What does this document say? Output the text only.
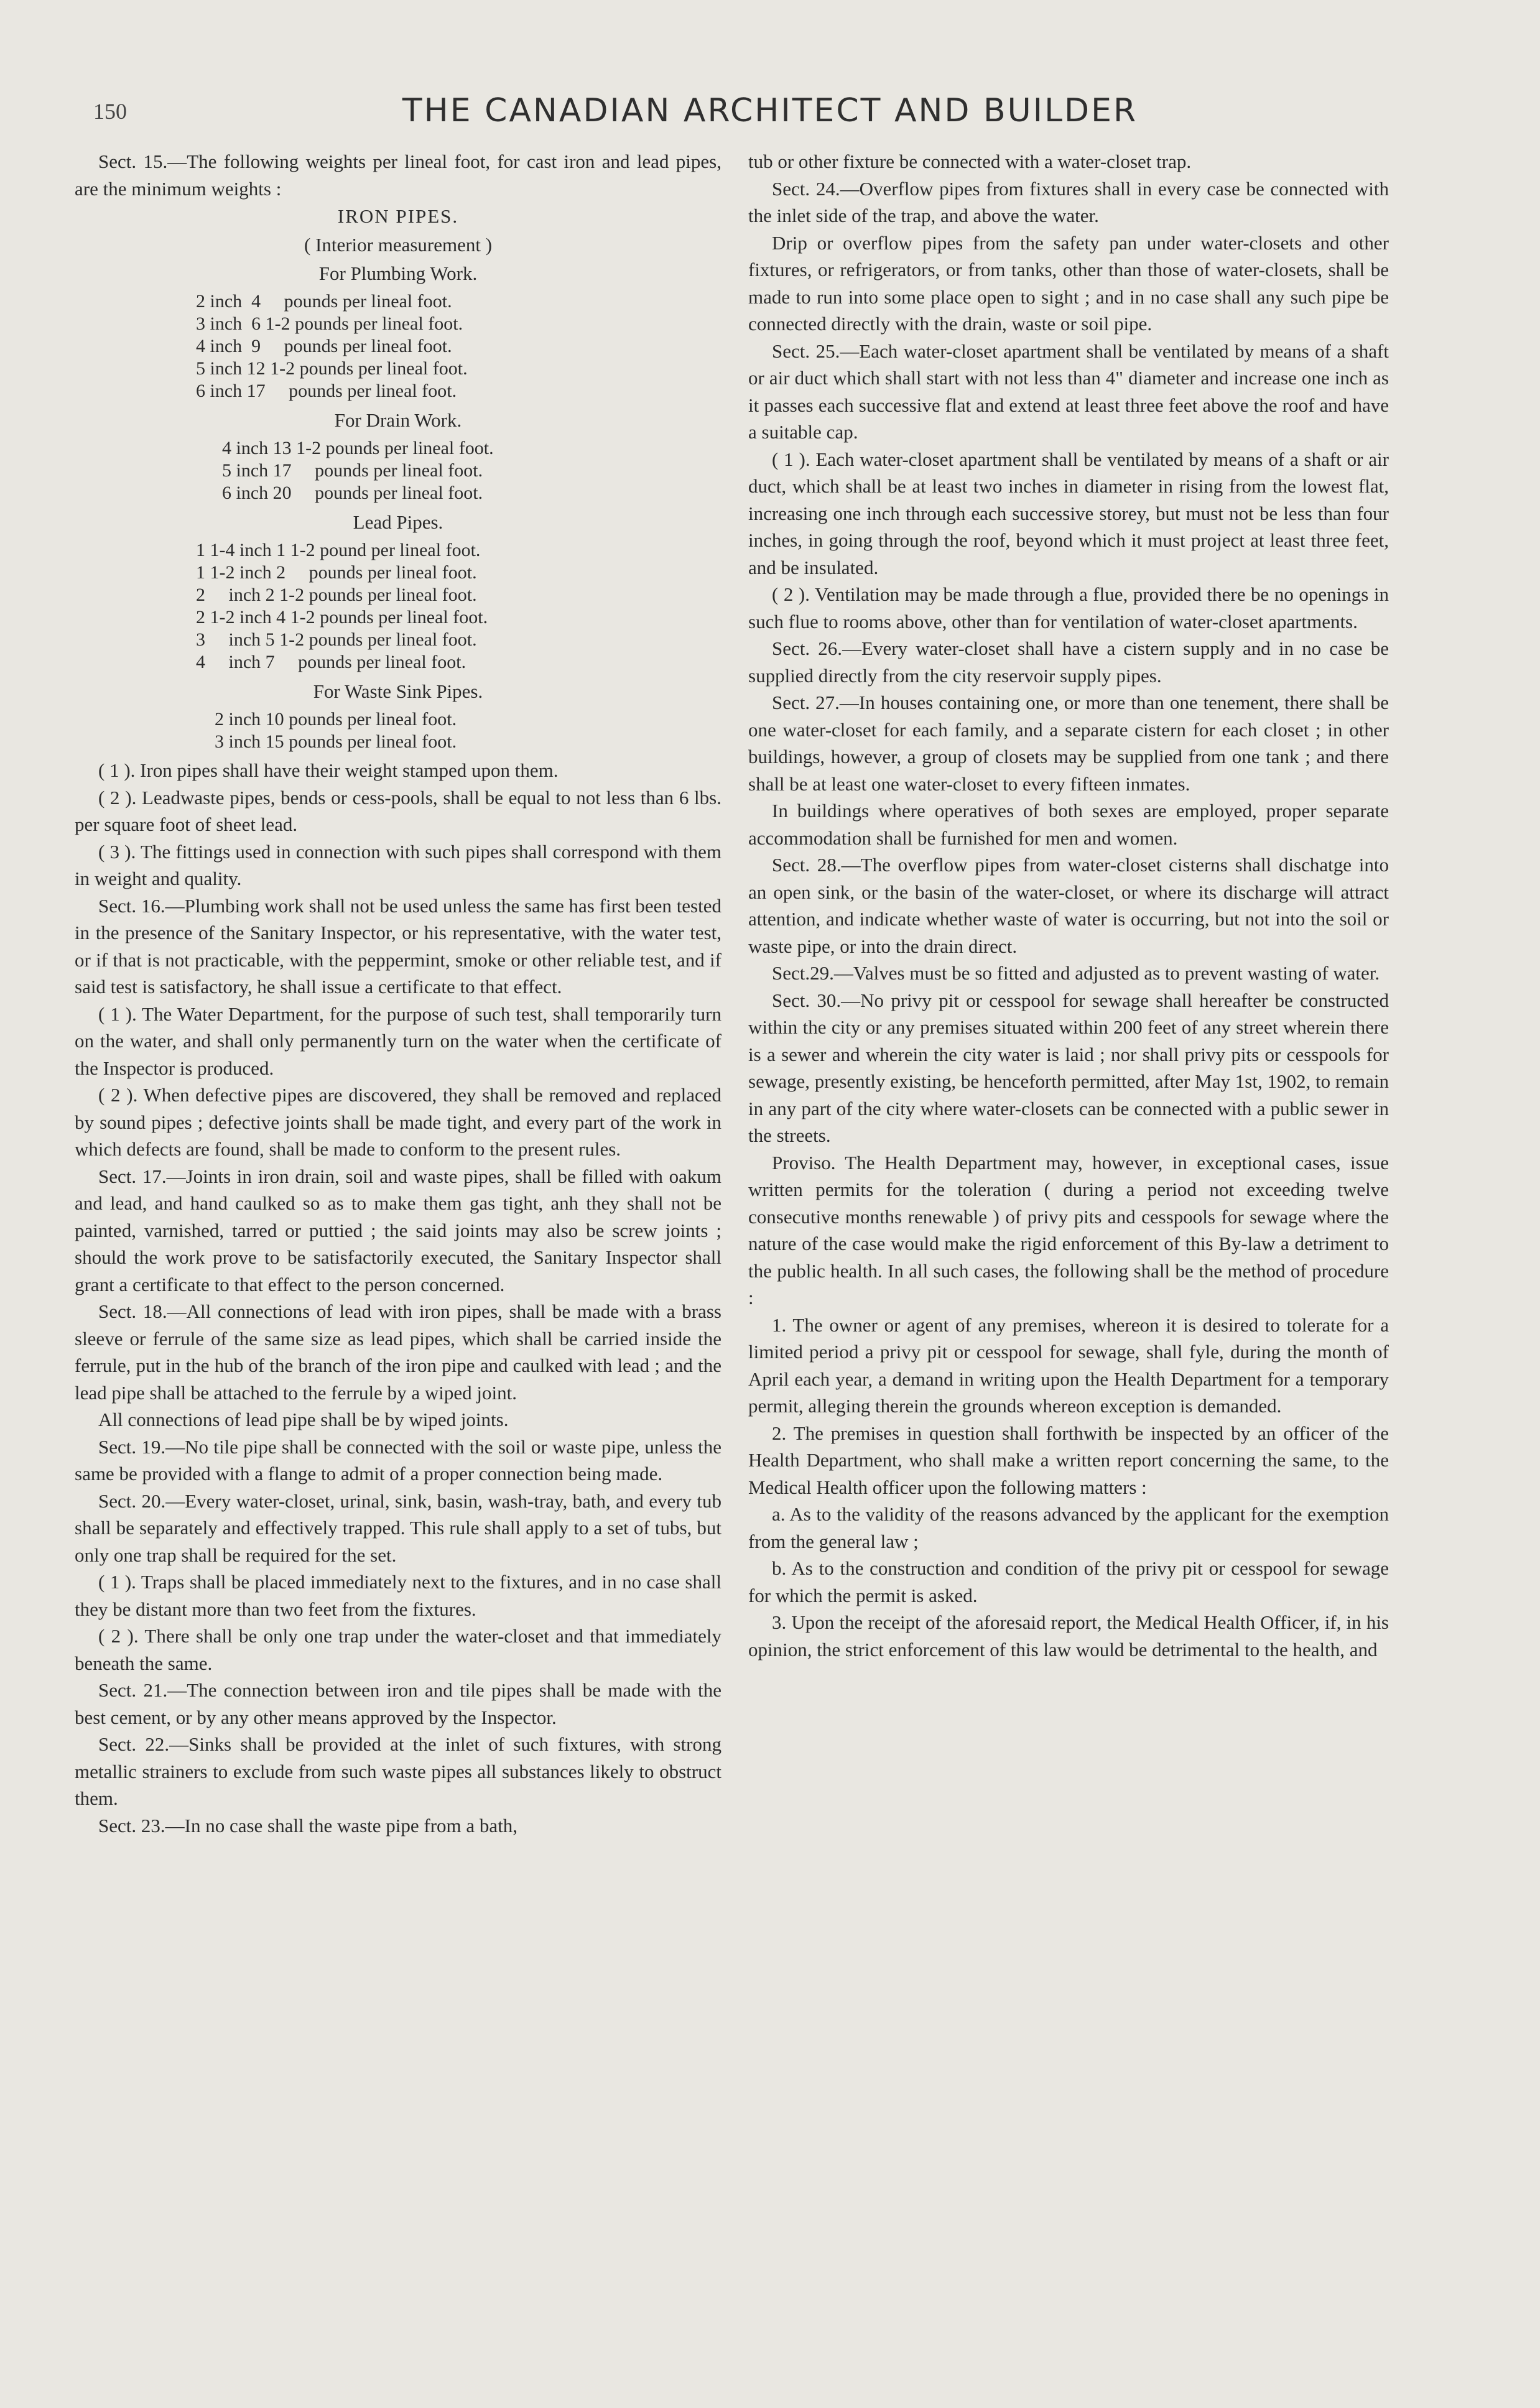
150	THE CANADIAN ARCHITECT AND BUILDER

Sect. 15.—The following weights per lineal foot, for cast iron and lead pipes, are the minimum weights :

IRON PIPES.
( Interior measurement )
For Plumbing Work.
2 inch  4     pounds per lineal foot.
3 inch  6 1-2 pounds per lineal foot.
4 inch  9     pounds per lineal foot.
5 inch 12 1-2 pounds per lineal foot.
6 inch 17     pounds per lineal foot.
For Drain Work.
4 inch 13 1-2 pounds per lineal foot.
5 inch 17     pounds per lineal foot.
6 inch 20     pounds per lineal foot.
Lead Pipes.
1 1-4 inch 1 1-2 pound per lineal foot.
1 1-2 inch 2     pounds per lineal foot.
2     inch 2 1-2 pounds per lineal foot.
2 1-2 inch 4 1-2 pounds per lineal foot.
3     inch 5 1-2 pounds per lineal foot.
4     inch 7     pounds per lineal foot.
For Waste Sink Pipes.
2 inch 10 pounds per lineal foot.
3 inch 15 pounds per lineal foot.

( 1 ). Iron pipes shall have their weight stamped upon them.

( 2 ). Leadwaste pipes, bends or cess-pools, shall be equal to not less than 6 lbs. per square foot of sheet lead.

( 3 ). The fittings used in connection with such pipes shall correspond with them in weight and quality.

Sect. 16.—Plumbing work shall not be used unless the same has first been tested in the presence of the Sanitary Inspector, or his representative, with the water test, or if that is not practicable, with the peppermint, smoke or other reliable test, and if said test is satisfactory, he shall issue a certificate to that effect.

( 1 ). The Water Department, for the purpose of such test, shall temporarily turn on the water, and shall only permanently turn on the water when the certificate of the Inspector is produced.

( 2 ). When defective pipes are discovered, they shall be removed and replaced by sound pipes ; defective joints shall be made tight, and every part of the work in which defects are found, shall be made to conform to the present rules.

Sect. 17.—Joints in iron drain, soil and waste pipes, shall be filled with oakum and lead, and hand caulked so as to make them gas tight, anh they shall not be painted, varnished, tarred or puttied ; the said joints may also be screw joints ; should the work prove to be satisfactorily executed, the Sanitary Inspector shall grant a certificate to that effect to the person concerned.

Sect. 18.—All connections of lead with iron pipes, shall be made with a brass sleeve or ferrule of the same size as lead pipes, which shall be carried inside the ferrule, put in the hub of the branch of the iron pipe and caulked with lead ; and the lead pipe shall be attached to the ferrule by a wiped joint.

All connections of lead pipe shall be by wiped joints.

Sect. 19.—No tile pipe shall be connected with the soil or waste pipe, unless the same be provided with a flange to admit of a proper connection being made.

Sect. 20.—Every water-closet, urinal, sink, basin, wash-tray, bath, and every tub shall be separately and effectively trapped. This rule shall apply to a set of tubs, but only one trap shall be required for the set.

( 1 ). Traps shall be placed immediately next to the fixtures, and in no case shall they be distant more than two feet from the fixtures.

( 2 ). There shall be only one trap under the water-closet and that immediately beneath the same.

Sect. 21.—The connection between iron and tile pipes shall be made with the best cement, or by any other means approved by the Inspector.

Sect. 22.—Sinks shall be provided at the inlet of such fixtures, with strong metallic strainers to exclude from such waste pipes all substances likely to obstruct them.

Sect. 23.—In no case shall the waste pipe from a bath,

tub or other fixture be connected with a water-closet trap.

Sect. 24.—Overflow pipes from fixtures shall in every case be connected with the inlet side of the trap, and above the water.

Drip or overflow pipes from the safety pan under water-closets and other fixtures, or refrigerators, or from tanks, other than those of water-closets, shall be made to run into some place open to sight ; and in no case shall any such pipe be connected directly with the drain, waste or soil pipe.

Sect. 25.—Each water-closet apartment shall be ventilated by means of a shaft or air duct which shall start with not less than 4" diameter and increase one inch as it passes each successive flat and extend at least three feet above the roof and have a suitable cap.

( 1 ). Each water-closet apartment shall be ventilated by means of a shaft or air duct, which shall be at least two inches in diameter in rising from the lowest flat, increasing one inch through each successive storey, but must not be less than four inches, in going through the roof, beyond which it must project at least three feet, and be insulated.

( 2 ). Ventilation may be made through a flue, provided there be no openings in such flue to rooms above, other than for ventilation of water-closet apartments.

Sect. 26.—Every water-closet shall have a cistern supply and in no case be supplied directly from the city reservoir supply pipes.

Sect. 27.—In houses containing one, or more than one tenement, there shall be one water-closet for each family, and a separate cistern for each closet ; in other buildings, however, a group of closets may be supplied from one tank ; and there shall be at least one water-closet to every fifteen inmates.

In buildings where operatives of both sexes are employed, proper separate accommodation shall be furnished for men and women.

Sect. 28.—The overflow pipes from water-closet cisterns shall dischatge into an open sink, or the basin of the water-closet, or where its discharge will attract attention, and indicate whether waste of water is occurring, but not into the soil or waste pipe, or into the drain direct.

Sect.29.—Valves must be so fitted and adjusted as to prevent wasting of water.

Sect. 30.—No privy pit or cesspool for sewage shall hereafter be constructed within the city or any premises situated within 200 feet of any street wherein there is a sewer and wherein the city water is laid ; nor shall privy pits or cesspools for sewage, presently existing, be henceforth permitted, after May 1st, 1902, to remain in any part of the city where water-closets can be connected with a public sewer in the streets.

Proviso. The Health Department may, however, in exceptional cases, issue written permits for the toleration ( during a period not exceeding twelve consecutive months renewable ) of privy pits and cesspools for sewage where the nature of the case would make the rigid enforcement of this By-law a detriment to the public health. In all such cases, the following shall be the method of procedure :

1. The owner or agent of any premises, whereon it is desired to tolerate for a limited period a privy pit or cesspool for sewage, shall fyle, during the month of April each year, a demand in writing upon the Health Department for a temporary permit, alleging therein the grounds whereon exception is demanded.

2. The premises in question shall forthwith be inspected by an officer of the Health Department, who shall make a written report concerning the same, to the Medical Health officer upon the following matters :

a. As to the validity of the reasons advanced by the applicant for the exemption from the general law ;

b. As to the construction and condition of the privy pit or cesspool for sewage for which the permit is asked.

3. Upon the receipt of the aforesaid report, the Medical Health Officer, if, in his opinion, the strict enforcement of this law would be detrimental to the health, and
